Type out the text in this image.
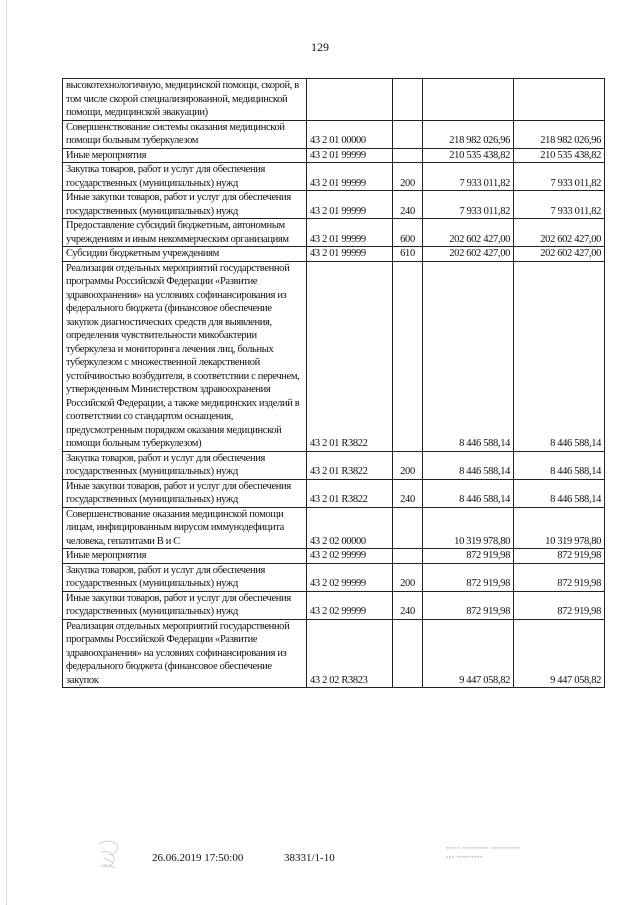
129
высокотехнологичную, медицинской помощи, скорой, в том числе скорой специализированной, медицинской помощи, медицинской эвакуации)				
Совершенствование системы оказания медицинской помощи больным туберкулезом	43 2 01 00000		218 982 026,96	218 982 026,96
Иные мероприятия	43 2 01 99999		210 535 438,82	210 535 438,82
Закупка товаров, работ и услуг для обеспечения государственных (муниципальных) нужд	43 2 01 99999	200	7 933 011,82	7 933 011,82
Иные закупки товаров, работ и услуг для обеспечения государственных (муниципальных) нужд	43 2 01 99999	240	7 933 011,82	7 933 011,82
Предоставление субсидий бюджетным, автономным учреждениям и иным некоммерческим организациям	43 2 01 99999	600	202 602 427,00	202 602 427,00
Субсидии бюджетным учреждениям	43 2 01 99999	610	202 602 427,00	202 602 427,00
Реализация отдельных мероприятий государственной программы Российской Федерации «Развитие здравоохранения» на условиях софинансирования из федерального бюджета (финансовое обеспечение закупок диагностических средств для выявления, определения чувствительности микобактерии туберкулеза и мониторинга лечения лиц, больных туберкулезом с множественной лекарственной устойчивостью возбудителя, в соответствии с перечнем, утвержденным Министерством здравоохранения Российской Федерации, а также медицинских изделий в соответствии со стандартом оснащения, предусмотренным порядком оказания медицинской помощи больным туберкулезом)	43 2 01 R3822		8 446 588,14	8 446 588,14
Закупка товаров, работ и услуг для обеспечения государственных (муниципальных) нужд	43 2 01 R3822	200	8 446 588,14	8 446 588,14
Иные закупки товаров, работ и услуг для обеспечения государственных (муниципальных) нужд	43 2 01 R3822	240	8 446 588,14	8 446 588,14
Совершенствование оказания медицинской помощи лицам, инфицированным вирусом иммунодефицита человека, гепатитами B и C	43 2 02 00000		10 319 978,80	10 319 978,80
Иные мероприятия	43 2 02 99999		872 919,98	872 919,98
Закупка товаров, работ и услуг для обеспечения государственных (муниципальных) нужд	43 2 02 99999	200	872 919,98	872 919,98
Иные закупки товаров, работ и услуг для обеспечения государственных (муниципальных) нужд	43 2 02 99999	240	872 919,98	872 919,98
Реализация отдельных мероприятий государственной программы Российской Федерации «Развитие здравоохранения» на условиях софинансирования из федерального бюджета (финансовое обеспечение закупок	43 2 02 R3823		9 447 058,82	9 447 058,82
▪▪▪▪▪ ▪▪▪▪▪▪▪▪▪ ▪▪▪▪▪▪▪▪▪▪
▪▪▪ ▪▪▪▪▪▪▪▪▪
26.06.2019 17:50:00	38331/1-10
